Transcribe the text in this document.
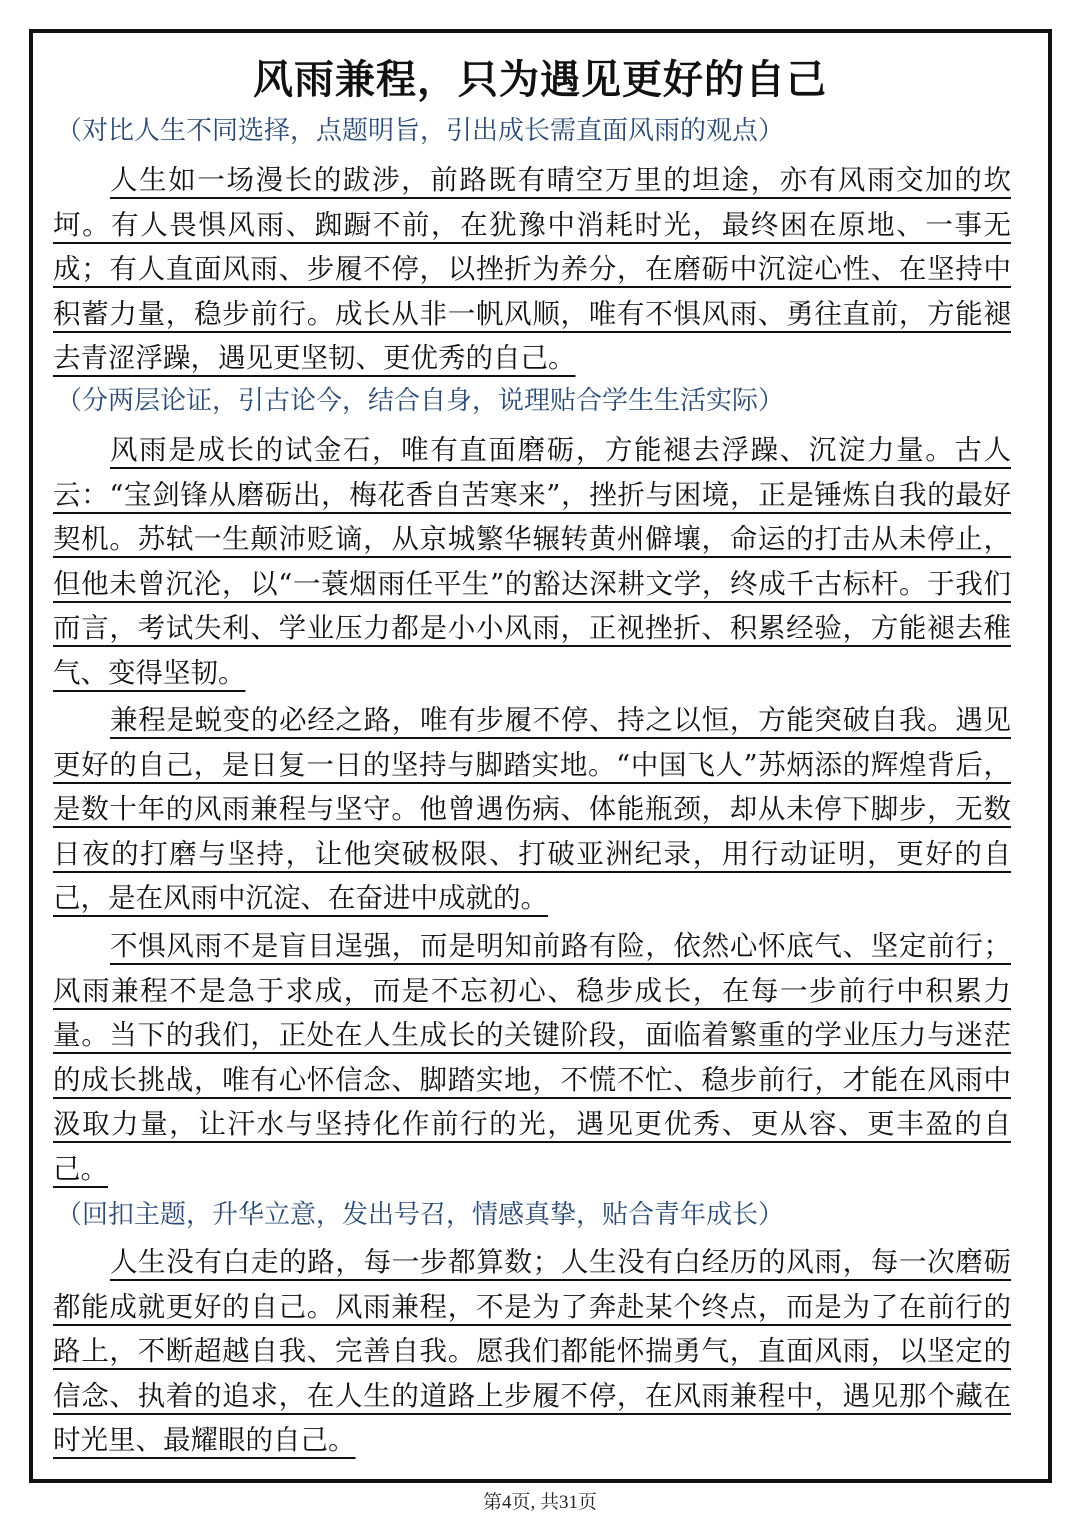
风雨兼程，只为遇见更好的自己

（对比人生不同选择，点题明旨，引出成长需直面风雨的观点）

人生如一场漫长的跋涉，前路既有晴空万里的坦途，亦有风雨交加的坎坷。有人畏惧风雨、踟蹰不前，在犹豫中消耗时光，最终困在原地、一事无成；有人直面风雨、步履不停，以挫折为养分，在磨砺中沉淀心性、在坚持中积蓄力量，稳步前行。成长从非一帆风顺，唯有不惧风雨、勇往直前，方能褪去青涩浮躁，遇见更坚韧、更优秀的自己。

（分两层论证，引古论今，结合自身，说理贴合学生生活实际）

风雨是成长的试金石，唯有直面磨砺，方能褪去浮躁、沉淀力量。古人云：“宝剑锋从磨砺出，梅花香自苦寒来”，挫折与困境，正是锤炼自我的最好契机。苏轼一生颠沛贬谪，从京城繁华辗转黄州僻壤，命运的打击从未停止，但他未曾沉沦，以“一蓑烟雨任平生”的豁达深耕文学，终成千古标杆。于我们而言，考试失利、学业压力都是小小风雨，正视挫折、积累经验，方能褪去稚气、变得坚韧。

兼程是蜕变的必经之路，唯有步履不停、持之以恒，方能突破自我。遇见更好的自己，是日复一日的坚持与脚踏实地。“中国飞人”苏炳添的辉煌背后，是数十年的风雨兼程与坚守。他曾遇伤病、体能瓶颈，却从未停下脚步，无数日夜的打磨与坚持，让他突破极限、打破亚洲纪录，用行动证明，更好的自己，是在风雨中沉淀、在奋进中成就的。

不惧风雨不是盲目逞强，而是明知前路有险，依然心怀底气、坚定前行；风雨兼程不是急于求成，而是不忘初心、稳步成长，在每一步前行中积累力量。当下的我们，正处在人生成长的关键阶段，面临着繁重的学业压力与迷茫的成长挑战，唯有心怀信念、脚踏实地，不慌不忙、稳步前行，才能在风雨中汲取力量，让汗水与坚持化作前行的光，遇见更优秀、更从容、更丰盈的自己。

（回扣主题，升华立意，发出号召，情感真挚，贴合青年成长）

人生没有白走的路，每一步都算数；人生没有白经历的风雨，每一次磨砺都能成就更好的自己。风雨兼程，不是为了奔赴某个终点，而是为了在前行的路上，不断超越自我、完善自我。愿我们都能怀揣勇气，直面风雨，以坚定的信念、执着的追求，在人生的道路上步履不停，在风雨兼程中，遇见那个藏在时光里、最耀眼的自己。

第4页, 共31页
